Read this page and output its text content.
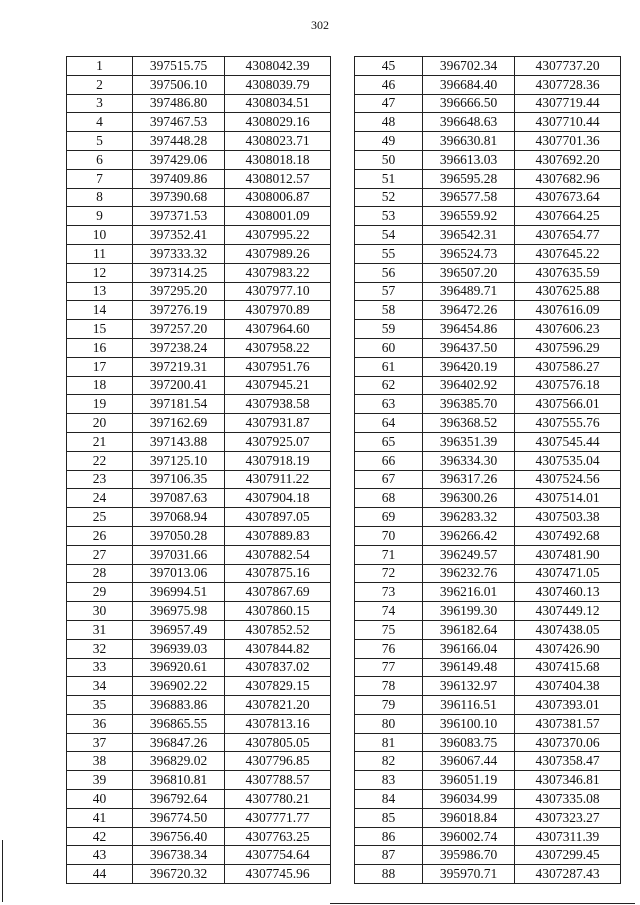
302
1	397515.75	4308042.39
2	397506.10	4308039.79
3	397486.80	4308034.51
4	397467.53	4308029.16
5	397448.28	4308023.71
6	397429.06	4308018.18
7	397409.86	4308012.57
8	397390.68	4308006.87
9	397371.53	4308001.09
10	397352.41	4307995.22
11	397333.32	4307989.26
12	397314.25	4307983.22
13	397295.20	4307977.10
14	397276.19	4307970.89
15	397257.20	4307964.60
16	397238.24	4307958.22
17	397219.31	4307951.76
18	397200.41	4307945.21
19	397181.54	4307938.58
20	397162.69	4307931.87
21	397143.88	4307925.07
22	397125.10	4307918.19
23	397106.35	4307911.22
24	397087.63	4307904.18
25	397068.94	4307897.05
26	397050.28	4307889.83
27	397031.66	4307882.54
28	397013.06	4307875.16
29	396994.51	4307867.69
30	396975.98	4307860.15
31	396957.49	4307852.52
32	396939.03	4307844.82
33	396920.61	4307837.02
34	396902.22	4307829.15
35	396883.86	4307821.20
36	396865.55	4307813.16
37	396847.26	4307805.05
38	396829.02	4307796.85
39	396810.81	4307788.57
40	396792.64	4307780.21
41	396774.50	4307771.77
42	396756.40	4307763.25
43	396738.34	4307754.64
44	396720.32	4307745.96
45	396702.34	4307737.20
46	396684.40	4307728.36
47	396666.50	4307719.44
48	396648.63	4307710.44
49	396630.81	4307701.36
50	396613.03	4307692.20
51	396595.28	4307682.96
52	396577.58	4307673.64
53	396559.92	4307664.25
54	396542.31	4307654.77
55	396524.73	4307645.22
56	396507.20	4307635.59
57	396489.71	4307625.88
58	396472.26	4307616.09
59	396454.86	4307606.23
60	396437.50	4307596.29
61	396420.19	4307586.27
62	396402.92	4307576.18
63	396385.70	4307566.01
64	396368.52	4307555.76
65	396351.39	4307545.44
66	396334.30	4307535.04
67	396317.26	4307524.56
68	396300.26	4307514.01
69	396283.32	4307503.38
70	396266.42	4307492.68
71	396249.57	4307481.90
72	396232.76	4307471.05
73	396216.01	4307460.13
74	396199.30	4307449.12
75	396182.64	4307438.05
76	396166.04	4307426.90
77	396149.48	4307415.68
78	396132.97	4307404.38
79	396116.51	4307393.01
80	396100.10	4307381.57
81	396083.75	4307370.06
82	396067.44	4307358.47
83	396051.19	4307346.81
84	396034.99	4307335.08
85	396018.84	4307323.27
86	396002.74	4307311.39
87	395986.70	4307299.45
88	395970.71	4307287.43
